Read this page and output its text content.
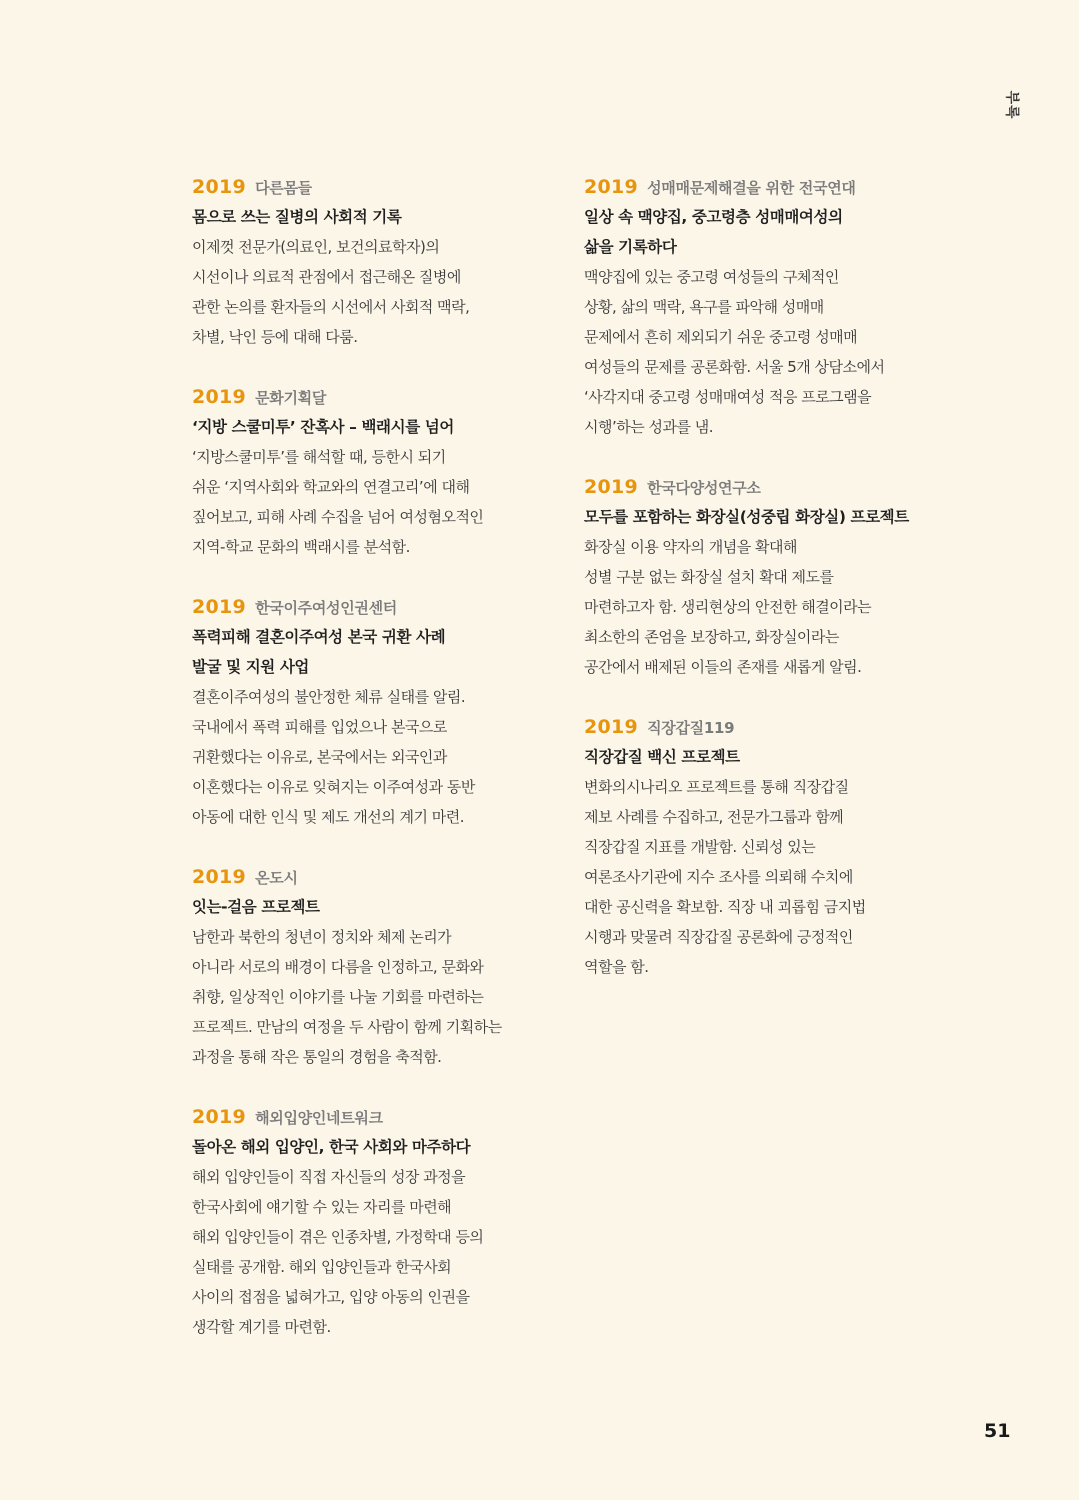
부록
2019 다른몸들
몸으로 쓰는 질병의 사회적 기록
이제껏 전문가(의료인, 보건의료학자)의
시선이나 의료적 관점에서 접근해온 질병에
관한 논의를 환자들의 시선에서 사회적 맥락,
차별, 낙인 등에 대해 다룸.
2019 문화기획달
‘지방 스쿨미투’ 잔혹사 – 백래시를 넘어
‘지방스쿨미투’를 해석할 때, 등한시 되기
쉬운 ‘지역사회와 학교와의 연결고리’에 대해
짚어보고, 피해 사례 수집을 넘어 여성혐오적인
지역-학교 문화의 백래시를 분석함.
2019 한국이주여성인권센터
폭력피해 결혼이주여성 본국 귀환 사례
발굴 및 지원 사업
결혼이주여성의 불안정한 체류 실태를 알림.
국내에서 폭력 피해를 입었으나 본국으로
귀환했다는 이유로, 본국에서는 외국인과
이혼했다는 이유로 잊혀지는 이주여성과 동반
아동에 대한 인식 및 제도 개선의 계기 마련.
2019 온도시
잇는-걸음 프로젝트
남한과 북한의 청년이 정치와 체제 논리가
아니라 서로의 배경이 다름을 인정하고, 문화와
취향, 일상적인 이야기를 나눌 기회를 마련하는
프로젝트. 만남의 여정을 두 사람이 함께 기획하는
과정을 통해 작은 통일의 경험을 축적함.
2019 해외입양인네트워크
돌아온 해외 입양인, 한국 사회와 마주하다
해외 입양인들이 직접 자신들의 성장 과정을
한국사회에 얘기할 수 있는 자리를 마련해
해외 입양인들이 겪은 인종차별, 가정학대 등의
실태를 공개함. 해외 입양인들과 한국사회
사이의 접점을 넓혀가고, 입양 아동의 인권을
생각할 계기를 마련함.
2019 성매매문제해결을 위한 전국연대
일상 속 맥양집, 중고령층 성매매여성의
삶을 기록하다
맥양집에 있는 중고령 여성들의 구체적인
상황, 삶의 맥락, 욕구를 파악해 성매매
문제에서 흔히 제외되기 쉬운 중고령 성매매
여성들의 문제를 공론화함. 서울 5개 상담소에서
‘사각지대 중고령 성매매여성 적응 프로그램을
시행’하는 성과를 냄.
2019 한국다양성연구소
모두를 포함하는 화장실(성중립 화장실) 프로젝트
화장실 이용 약자의 개념을 확대해
성별 구분 없는 화장실 설치 확대 제도를
마련하고자 함. 생리현상의 안전한 해결이라는
최소한의 존엄을 보장하고, 화장실이라는
공간에서 배제된 이들의 존재를 새롭게 알림.
2019 직장갑질119
직장갑질 백신 프로젝트
변화의시나리오 프로젝트를 통해 직장갑질
제보 사례를 수집하고, 전문가그룹과 함께
직장갑질 지표를 개발함. 신뢰성 있는
여론조사기관에 지수 조사를 의뢰해 수치에
대한 공신력을 확보함. 직장 내 괴롭힘 금지법
시행과 맞물려 직장갑질 공론화에 긍정적인
역할을 함.
51
